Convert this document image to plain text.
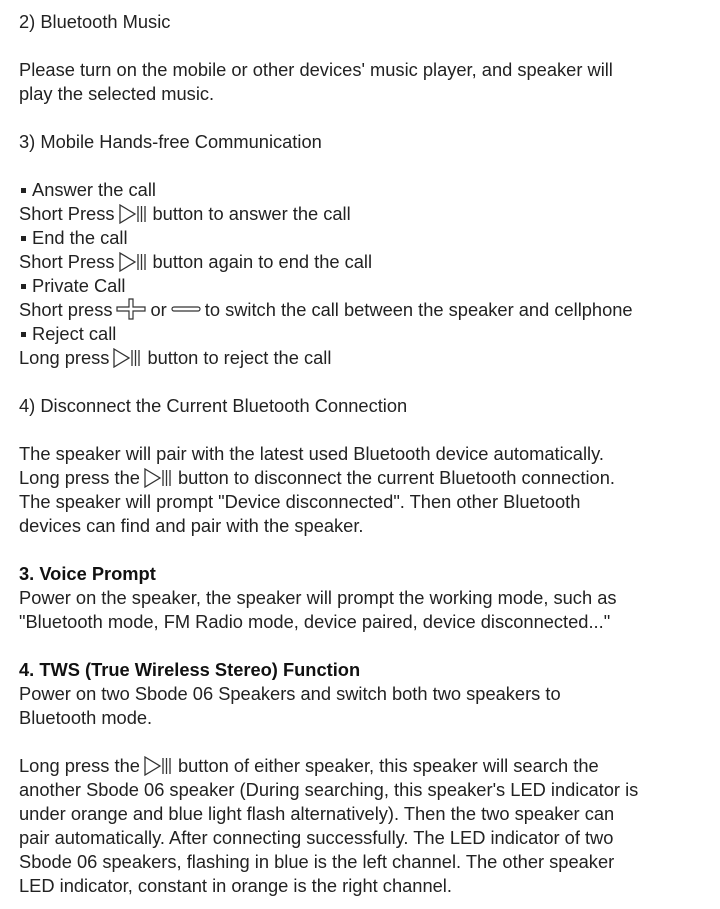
2) Bluetooth Music
Please turn on the mobile or other devices' music player, and speaker will
play the selected music.
3) Mobile Hands-free Communication
Answer the call
Short Press button to answer the call
End the call
Short Press button again to end the call
Private Call
Short press or to switch the call between the speaker and cellphone
Reject call
Long press button to reject the call
4) Disconnect the Current Bluetooth Connection
The speaker will pair with the latest used Bluetooth device automatically.
Long press the button to disconnect the current Bluetooth connection.
The speaker will prompt "Device disconnected". Then other Bluetooth
devices can find and pair with the speaker.
3. Voice Prompt
Power on the speaker, the speaker will prompt the working mode, such as
"Bluetooth mode, FM Radio mode, device paired, device disconnected..."
4. TWS (True Wireless Stereo) Function
Power on two Sbode 06 Speakers and switch both two speakers to
Bluetooth mode.
Long press the button of either speaker, this speaker will search the
another Sbode 06 speaker (During searching, this speaker's LED indicator is
under orange and blue light flash alternatively). Then the two speaker can
pair automatically. After connecting successfully. The LED indicator of two
Sbode 06 speakers, flashing in blue is the left channel. The other speaker
LED indicator, constant in orange is the right channel.
